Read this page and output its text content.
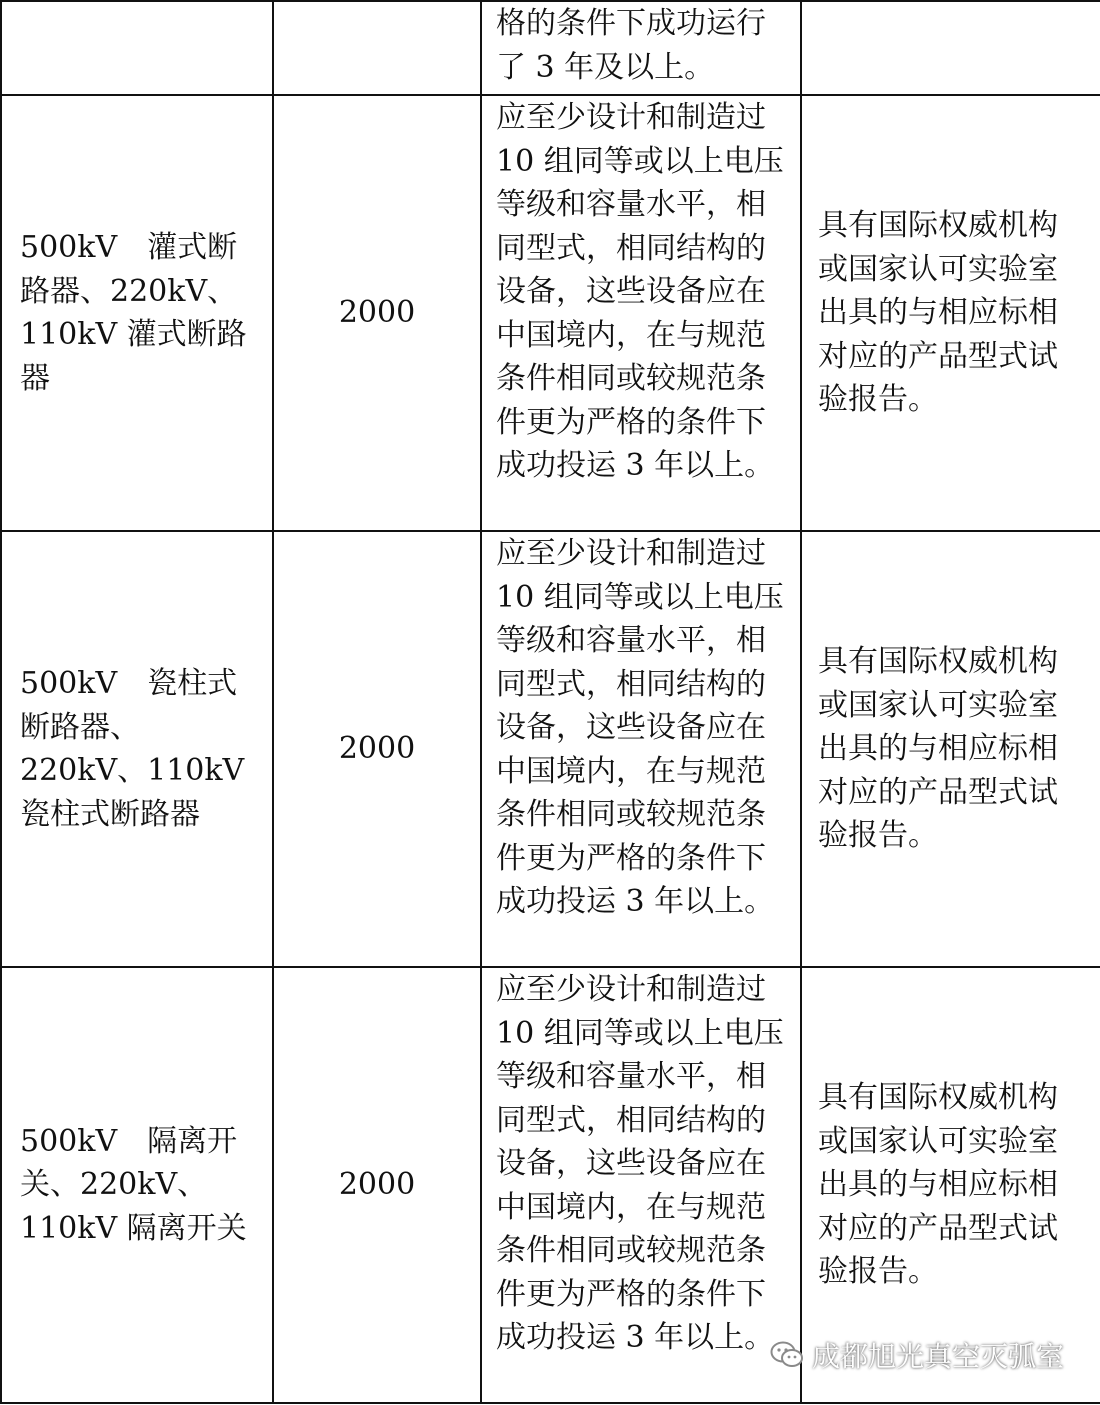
		格的条件下成功运行了 3 年及以上。	

500kV　灌式断路器、220kV、110kV 灌式断路器	2000	应至少设计和制造过 10 组同等或以上电压等级和容量水平，相同型式，相同结构的设备，这些设备应在中国境内，在与规范条件相同或较规范条件更为严格的条件下成功投运 3 年以上。	具有国际权威机构或国家认可实验室出具的与相应标相对应的产品型式试验报告。

500kV　瓷柱式断路器、220kV、110kV 瓷柱式断路器	2000	应至少设计和制造过 10 组同等或以上电压等级和容量水平，相同型式，相同结构的设备，这些设备应在中国境内，在与规范条件相同或较规范条件更为严格的条件下成功投运 3 年以上。	具有国际权威机构或国家认可实验室出具的与相应标相对应的产品型式试验报告。

500kV　隔离开关、220kV、110kV 隔离开关	2000	应至少设计和制造过 10 组同等或以上电压等级和容量水平，相同型式，相同结构的设备，这些设备应在中国境内，在与规范条件相同或较规范条件更为严格的条件下成功投运 3 年以上。	具有国际权威机构或国家认可实验室出具的与相应标相对应的产品型式试验报告。
成都旭光真空灭弧室
